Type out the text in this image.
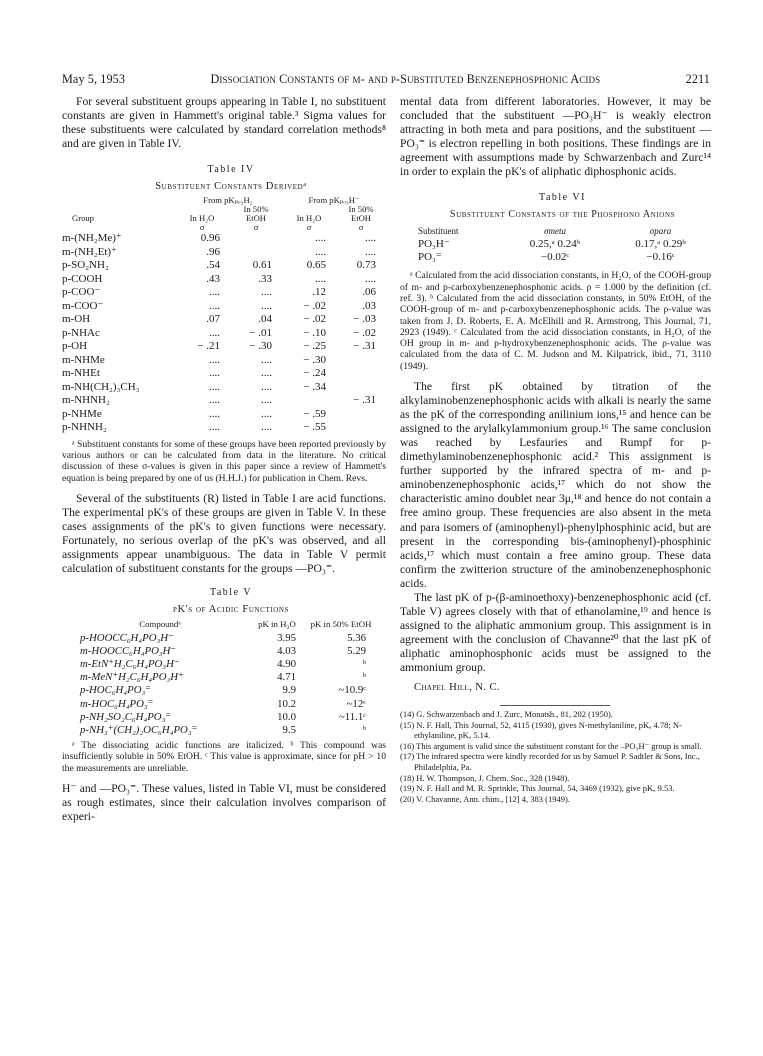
May 5, 1953	Dissociation Constants of m- and p-Substituted Benzenephosphonic Acids	2211

For several substituent groups appearing in Table I, no substituent constants are given in Hammett's original table.³ Sigma values for these substituents were calculated by standard correlation methods⁸ and are given in Table IV.

Table IV

Substituent Constants Derivedᵃ

	From pKₚₒ₃H₂		From pKₚₒ₃H⁻	
		In 50%		In 50%
Group	In H₂O	EtOH	In H₂O	EtOH
	σ	σ	σ	σ
m-(NH₂Me)⁺	0.96		....	....
m-(NH₂Et)⁺	.96		....	....
p-SO₂NH₂	.54	0.61	0.65	0.73
p-COOH	.43	.33	....	....
p-COO⁻	....	....	.12	.06
m-COO⁻	....	....	− .02	.03
m-OH	.07	.04	− .02	− .03
p-NHAc	....	− .01	− .10	− .02
p-OH	− .21	− .30	− .25	− .31
m-NHMe	....	....	− .30	
m-NHEt	....	....	− .24	
m-NH(CH₂)₃CH₃	....	....	− .34	
m-NHNH₂	....	....		− .31
p-NHMe	....	....	− .59	
p-NHNH₂	....	....	− .55	

ᵃ Substituent constants for some of these groups have been reported previously by various authors or can be calculated from data in the literature. No critical discussion of these σ-values is given in this paper since a review of Hammett's equation is being prepared by one of us (H.H.J.) for publication in Chem. Revs.

Several of the substituents (R) listed in Table I are acid functions. The experimental pK's of these groups are given in Table V. In these cases assignments of the pK's to given functions were necessary. Fortunately, no serious overlap of the pK's was observed, and all assignments appear unambiguous. The data in Table V permit calculation of substituent constants for the groups —PO₃⁼.

Table V

pK's of Acidic Functions

Compoundᵃ	pK in H₂O	pK in 50% EtOH
p-HOOCC₆H₄PO₃H⁻	3.95	5.36
m-HOOCC₆H₄PO₃H⁻	4.03	5.29
m-EtN⁺H₂C₆H₄PO₃H⁻	4.90	ᵇ
m-MeN⁺H₂C₆H₄PO₃H⁺	4.71	ᵇ
p-HOC₆H₄PO₃⁼	9.9	~10.9ᶜ
m-HOC₆H₄PO₃⁼	10.2	~12ᶜ
p-NH₂SO₂C₆H₄PO₃⁼	10.0	~11.1ᶜ
p-NH₃⁺(CH₂)₂OC₆H₄PO₃⁼	9.5	ᵇ

ᵃ The dissociating acidic functions are italicized. ᵇ This compound was insufficiently soluble in 50% EtOH. ᶜ This value is approximate, since for pH > 10 the measurements are unreliable.

H⁻ and —PO₃⁼. These values, listed in Table VI, must be considered as rough estimates, since their calculation involves comparison of experi-

mental data from different laboratories. However, it may be concluded that the substituent —PO₃H⁻ is weakly electron attracting in both meta and para positions, and the substituent —PO₃⁼ is electron repelling in both positions. These findings are in agreement with assumptions made by Schwarzenbach and Zurc¹⁴ in order to explain the pK's of aliphatic diphosphonic acids.

Table VI

Substituent Constants of the Phosphono Anions

Substituent	σmeta	σpara
PO₃H⁻	0.25,ᵃ 0.24ᵇ	0.17,ᵃ 0.29ᵇ
PO₃⁼	−0.02ᶜ	−0.16ᶜ

ᵃ Calculated from the acid dissociation constants, in H₂O, of the COOH-group of m- and p-carboxybenzenephosphonic acids. ρ = 1.000 by the definition (cf. ref. 3). ᵇ Calculated from the acid dissociation constants, in 50% EtOH, of the COOH-group of m- and p-carboxybenzenephosphonic acids. The ρ-value was taken from J. D. Roberts, E. A. McElhill and R. Armstrong, This Journal, 71, 2923 (1949). ᶜ Calculated from the acid dissociation constants, in H₂O, of the OH group in m- and p-hydroxybenzenephosphonic acids. The ρ-value was calculated from the data of C. M. Judson and M. Kilpatrick, ibid., 71, 3110 (1949).

The first pK obtained by titration of the alkylaminobenzenephosphonic acids with alkali is nearly the same as the pK of the corresponding anilinium ions,¹⁵ and hence can be assigned to the arylalkylammonium group.¹⁶ The same conclusion was reached by Lesfauries and Rumpf for p-dimethylaminobenzenephosphonic acid.² This assignment is further supported by the infrared spectra of m- and p-aminobenzenephosphonic acids,¹⁷ which do not show the characteristic amino doublet near 3μ,¹⁸ and hence do not contain a free amino group. These frequencies are also absent in the meta and para isomers of (aminophenyl)-phenylphosphinic acid, but are present in the corresponding bis-(aminophenyl)-phosphinic acids,¹⁷ which must contain a free amino group. These data confirm the zwitterion structure of the aminobenzenephosphonic acids.

The last pK of p-(β-aminoethoxy)-benzenephosphonic acid (cf. Table V) agrees closely with that of ethanolamine,¹⁹ and hence is assigned to the aliphatic ammonium group. This assignment is in agreement with the conclusion of Chavanne²⁰ that the last pK of aliphatic aminophosphonic acids must be assigned to the ammonium group.

Chapel Hill, N. C.

(14) G. Schwarzenbach and J. Zurc, Monatsh., 81, 202 (1950).
(15) N. F. Hall, This Journal, 52, 4115 (1930), gives N-methylaniline, pKₐ 4.78; N-ethylaniline, pKₐ 5.14.
(16) This argument is valid since the substituent constant for the –PO₃H⁻ group is small.
(17) The infrared spectra were kindly recorded for us by Samuel P. Sadtler & Sons, Inc., Philadelphia, Pa.
(18) H. W. Thompson, J. Chem. Soc., 328 (1948).
(19) N. F. Hall and M. R. Sprinkle, This Journal, 54, 3469 (1932), give pKₐ 9.53.
(20) V. Chavanne, Ann. chim., [12] 4, 383 (1949).
